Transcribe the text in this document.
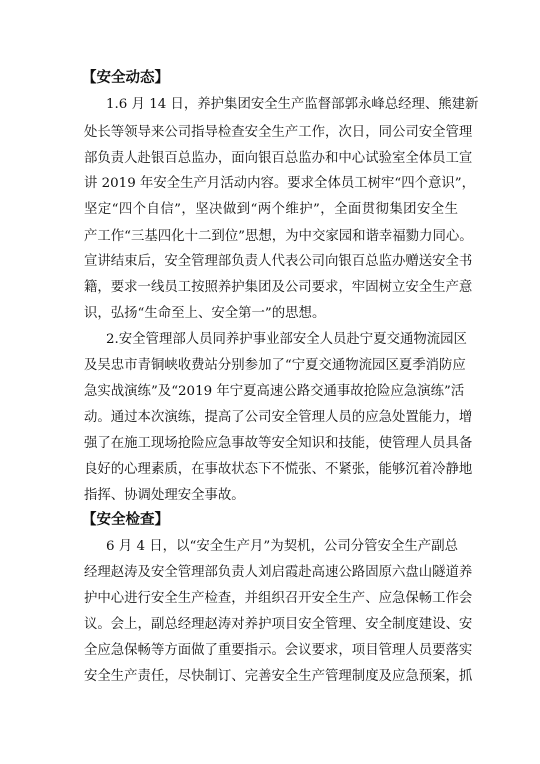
【安全动态】
1.6 月 14 日，养护集团安全生产监督部郭永峰总经理、熊建新
处长等领导来公司指导检查安全生产工作，次日，同公司安全管理
部负责人赴银百总监办，面向银百总监办和中心试验室全体员工宣
讲 2019 年安全生产月活动内容。要求全体员工树牢“四个意识”，
坚定“四个自信”，坚决做到“两个维护”，全面贯彻集团安全生
产工作“三基四化十二到位”思想，为中交家园和谐幸福勠力同心。
宣讲结束后，安全管理部负责人代表公司向银百总监办赠送安全书
籍，要求一线员工按照养护集团及公司要求，牢固树立安全生产意
识，弘扬“生命至上、安全第一”的思想。
2.安全管理部人员同养护事业部安全人员赴宁夏交通物流园区
及吴忠市青铜峡收费站分别参加了“宁夏交通物流园区夏季消防应
急实战演练”及“2019 年宁夏高速公路交通事故抢险应急演练”活
动。通过本次演练，提高了公司安全管理人员的应急处置能力，增
强了在施工现场抢险应急事故等安全知识和技能，使管理人员具备
良好的心理素质，在事故状态下不慌张、不紧张，能够沉着冷静地
指挥、协调处理安全事故。
【安全检查】
6 月 4 日，以“安全生产月”为契机，公司分管安全生产副总
经理赵涛及安全管理部负责人刘启霞赴高速公路固原六盘山隧道养
护中心进行安全生产检查，并组织召开安全生产、应急保畅工作会
议。会上，副总经理赵涛对养护项目安全管理、安全制度建设、安
全应急保畅等方面做了重要指示。会议要求，项目管理人员要落实
安全生产责任，尽快制订、完善安全生产管理制度及应急预案，抓
